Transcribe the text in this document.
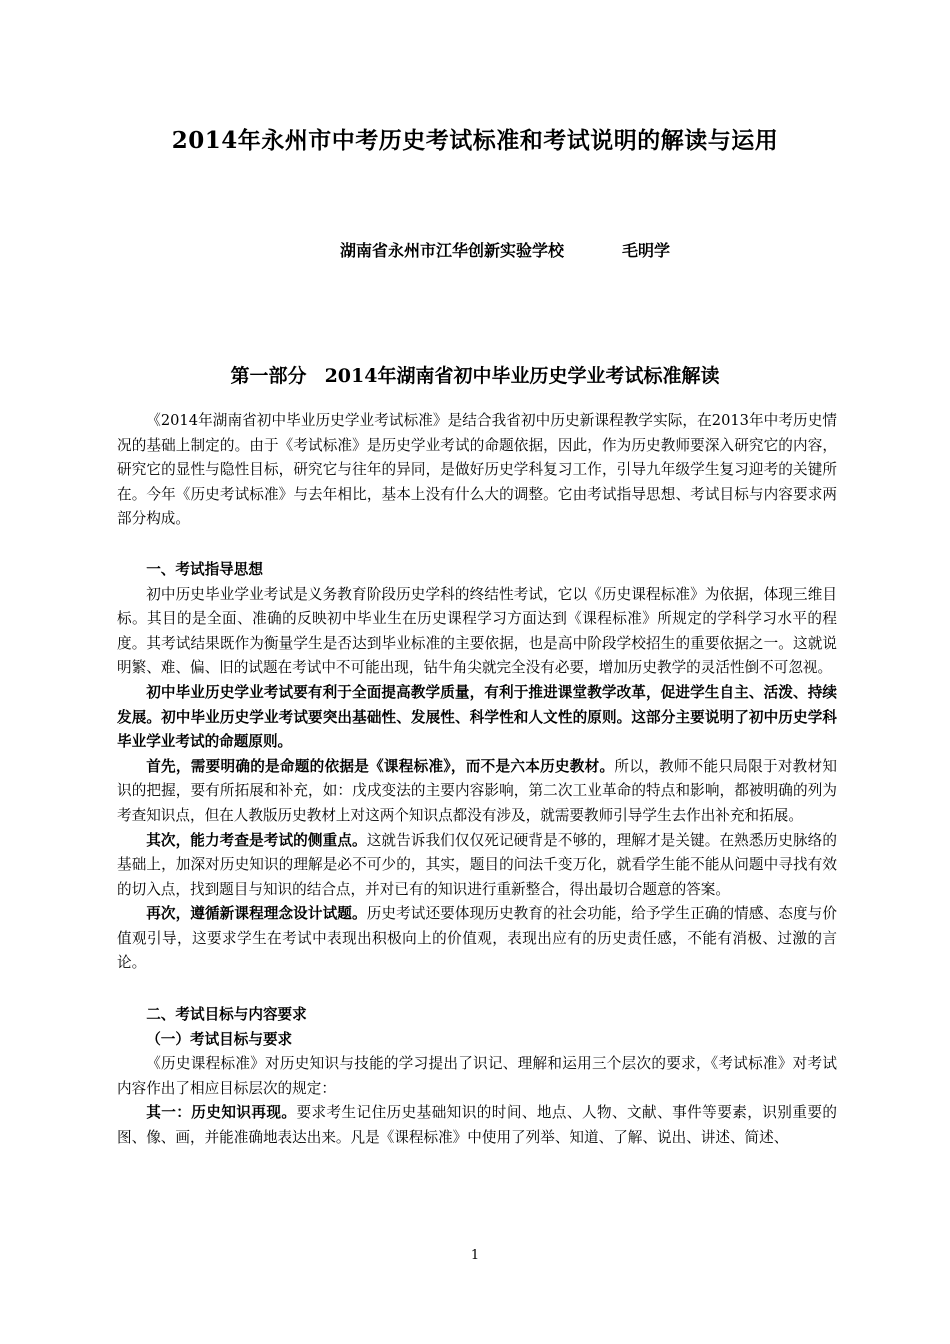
2014年永州市中考历史考试标准和考试说明的解读与运用
湖南省永州市江华创新实验学校	毛明学
第一部分 2014年湖南省初中毕业历史学业考试标准解读

《2014年湖南省初中毕业历史学业考试标准》是结合我省初中历史新课程教学实际，在2013年中考历史情况的基础上制定的。由于《考试标准》是历史学业考试的命题依据，因此，作为历史教师要深入研究它的内容，研究它的显性与隐性目标，研究它与往年的异同，是做好历史学科复习工作，引导九年级学生复习迎考的关键所在。今年《历史考试标准》与去年相比，基本上没有什么大的调整。它由考试指导思想、考试目标与内容要求两部分构成。

一、考试指导思想

初中历史毕业学业考试是义务教育阶段历史学科的终结性考试，它以《历史课程标准》为依据，体现三维目标。其目的是全面、准确的反映初中毕业生在历史课程学习方面达到《课程标准》所规定的学科学习水平的程度。其考试结果既作为衡量学生是否达到毕业标准的主要依据，也是高中阶段学校招生的重要依据之一。这就说明繁、难、偏、旧的试题在考试中不可能出现，钻牛角尖就完全没有必要，增加历史教学的灵活性倒不可忽视。

初中毕业历史学业考试要有利于全面提高教学质量，有利于推进课堂教学改革，促进学生自主、活泼、持续发展。初中毕业历史学业考试要突出基础性、发展性、科学性和人文性的原则。这部分主要说明了初中历史学科毕业学业考试的命题原则。

首先，需要明确的是命题的依据是《课程标准》，而不是六本历史教材。所以，教师不能只局限于对教材知识的把握，要有所拓展和补充，如：戊戌变法的主要内容影响，第二次工业革命的特点和影响，都被明确的列为考查知识点，但在人教版历史教材上对这两个知识点都没有涉及，就需要教师引导学生去作出补充和拓展。

其次，能力考查是考试的侧重点。这就告诉我们仅仅死记硬背是不够的，理解才是关键。在熟悉历史脉络的基础上，加深对历史知识的理解是必不可少的，其实，题目的问法千变万化，就看学生能不能从问题中寻找有效的切入点，找到题目与知识的结合点，并对已有的知识进行重新整合，得出最切合题意的答案。

再次，遵循新课程理念设计试题。历史考试还要体现历史教育的社会功能，给予学生正确的情感、态度与价值观引导，这要求学生在考试中表现出积极向上的价值观，表现出应有的历史责任感，不能有消极、过激的言论。

二、考试目标与内容要求
（一）考试目标与要求

《历史课程标准》对历史知识与技能的学习提出了识记、理解和运用三个层次的要求，《考试标准》对考试内容作出了相应目标层次的规定：

其一：历史知识再现。要求考生记住历史基础知识的时间、地点、人物、文献、事件等要素，识别重要的图、像、画，并能准确地表达出来。凡是《课程标准》中使用了列举、知道、了解、说出、讲述、简述、

1
